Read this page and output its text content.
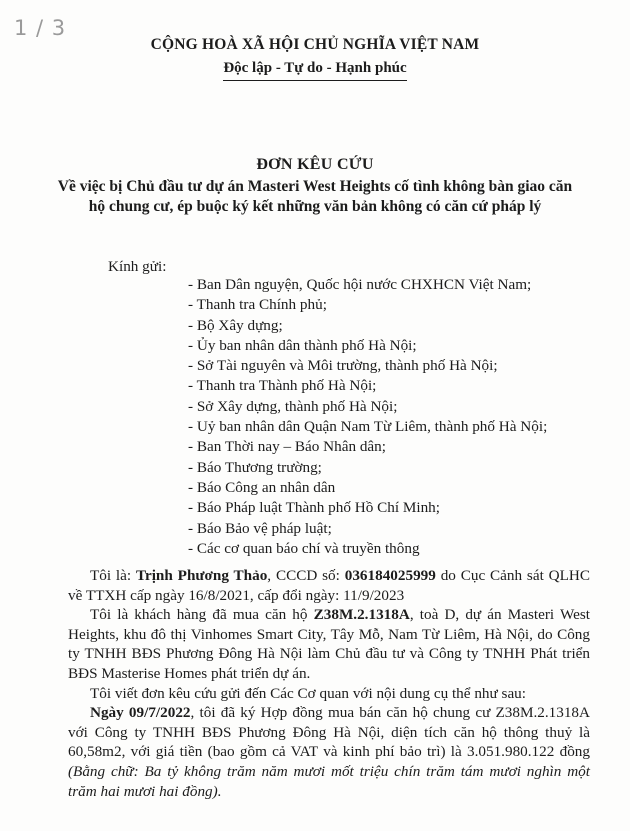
1 / 3
CỘNG HOÀ XÃ HỘI CHỦ NGHĨA VIỆT NAM
Độc lập - Tự do - Hạnh phúc
ĐƠN KÊU CỨU
Về việc bị Chủ đầu tư dự án Masteri West Heights cố tình không bàn giao căn
hộ chung cư, ép buộc ký kết những văn bản không có căn cứ pháp lý
Kính gửi:
- Ban Dân nguyện, Quốc hội nước CHXHCN Việt Nam;
- Thanh tra Chính phủ;
- Bộ Xây dựng;
- Ủy ban nhân dân thành phố Hà Nội;
- Sở Tài nguyên và Môi trường, thành phố Hà Nội;
- Thanh tra Thành phố Hà Nội;
- Sở Xây dựng, thành phố Hà Nội;
- Uỷ ban nhân dân Quận Nam Từ Liêm, thành phố Hà Nội;
- Ban Thời nay – Báo Nhân dân;
- Báo Thương trường;
- Báo Công an nhân dân
- Báo Pháp luật Thành phố Hồ Chí Minh;
- Báo Bảo vệ pháp luật;
- Các cơ quan báo chí và truyền thông

Tôi là: Trịnh Phương Thảo, CCCD số: 036184025999 do Cục Cảnh sát QLHC về TTXH cấp ngày 16/8/2021, cấp đổi ngày: 11/9/2023

Tôi là khách hàng đã mua căn hộ Z38M.2.1318A, toà D, dự án Masteri West Heights, khu đô thị Vinhomes Smart City, Tây Mỗ, Nam Từ Liêm, Hà Nội, do Công ty TNHH BĐS Phương Đông Hà Nội làm Chủ đầu tư và Công ty TNHH Phát triển BĐS Masterise Homes phát triển dự án.

Tôi viết đơn kêu cứu gửi đến Các Cơ quan với nội dung cụ thể như sau:

Ngày 09/7/2022, tôi đã ký Hợp đồng mua bán căn hộ chung cư Z38M.2.1318A với Công ty TNHH BĐS Phương Đông Hà Nội, diện tích căn hộ thông thuỷ là 60,58m2, với giá tiền (bao gồm cả VAT và kinh phí bảo trì) là 3.051.980.122 đồng (Bằng chữ: Ba tỷ không trăm năm mươi mốt triệu chín trăm tám mươi nghìn một trăm hai mươi hai đồng).
